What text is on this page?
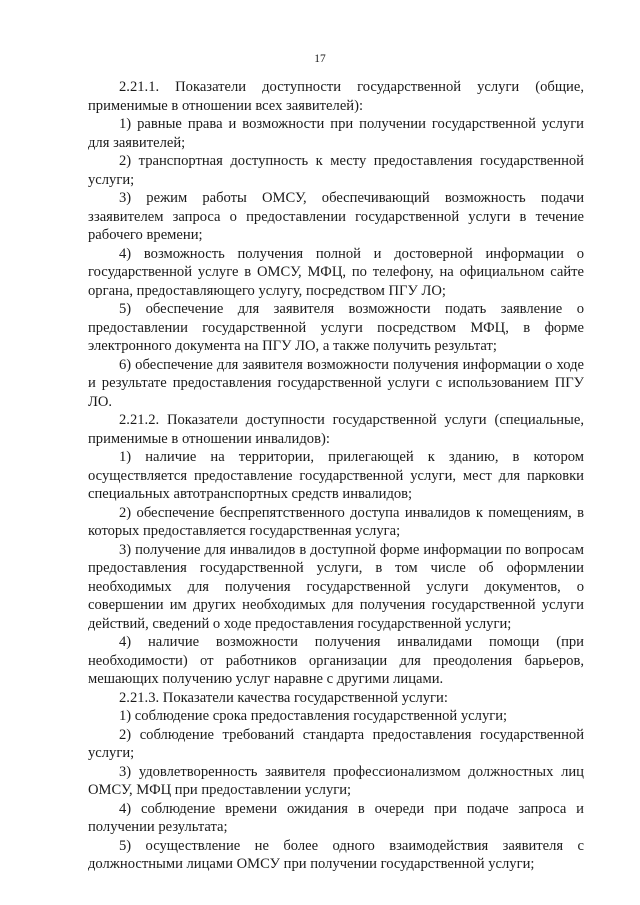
17

2.21.1. Показатели доступности государственной услуги (общие, применимые в отношении всех заявителей):

1) равные права и возможности при получении государственной услуги для заявителей;

2) транспортная доступность к месту предоставления государственной услуги;

3) режим работы ОМСУ, обеспечивающий возможность подачи ззаявителем запроса о предоставлении государственной услуги в течение рабочего времени;

4) возможность получения полной и достоверной информации о государственной услуге в ОМСУ, МФЦ, по телефону, на официальном сайте органа, предоставляющего услугу, посредством ПГУ ЛО;

5) обеспечение для заявителя возможности подать заявление о предоставлении государственной услуги посредством МФЦ, в форме электронного документа на ПГУ ЛО, а также получить результат;

6) обеспечение для заявителя возможности получения информации о ходе и результате предоставления государственной услуги с использованием ПГУ ЛО.

2.21.2. Показатели доступности государственной услуги (специальные, применимые в отношении инвалидов):

1) наличие на территории, прилегающей к зданию, в котором осуществляется предоставление государственной услуги, мест для парковки специальных автотранспортных средств инвалидов;

2) обеспечение беспрепятственного доступа инвалидов к помещениям, в которых предоставляется государственная услуга;

3) получение для инвалидов в доступной форме информации по вопросам предоставления государственной услуги, в том числе об оформлении необходимых для получения государственной услуги документов, о совершении им других необходимых для получения государственной услуги действий, сведений о ходе предоставления государственной услуги;

4) наличие возможности получения инвалидами помощи (при необходимости) от работников организации для преодоления барьеров, мешающих получению услуг наравне с другими лицами.

2.21.3. Показатели качества государственной услуги:

1) соблюдение срока предоставления государственной услуги;

2) соблюдение требований стандарта предоставления государственной услуги;

3) удовлетворенность заявителя профессионализмом должностных лиц ОМСУ, МФЦ при предоставлении услуги;

4) соблюдение времени ожидания в очереди при подаче запроса и получении результата;

5) осуществление не более одного взаимодействия заявителя с должностными лицами ОМСУ при получении государственной услуги;
